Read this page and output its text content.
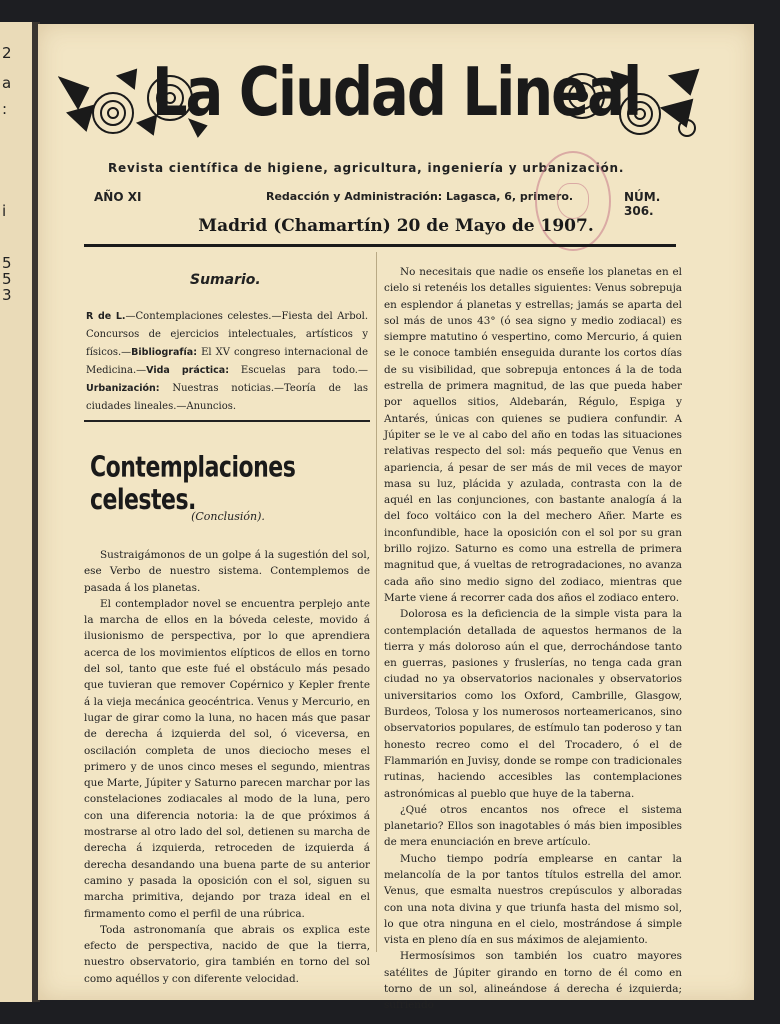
2
a
:
i
5
5
3
La Ciudad Lineal
Revista científica de higiene, agricultura, ingeniería y urbanización.
AÑO XI	Redacción y Administración: Lagasca, 6, primero.	NÚM. 306.
Madrid (Chamartín) 20 de Mayo de 1907.
Sumario.
R de L.—Contemplaciones celestes.—Fiesta del Arbol. Concursos de ejercicios intelectuales, artísticos y físicos.—Bibliografía: El XV congreso internacional de Medicina.—Vida práctica: Escuelas para todo.—Urbanización: Nuestras noticias.—Teoría de las ciudades lineales.—Anuncios.
Contemplaciones celestes.
(Conclusión).

Sustraigámonos de un golpe á la sugestión del sol, ese Verbo de nuestro sistema. Contemplemos de pasada á los planetas.

El contemplador novel se encuentra perplejo ante la marcha de ellos en la bóveda celeste, movido á ilusionismo de perspectiva, por lo que aprendiera acerca de los movimientos elípticos de ellos en torno del sol, tanto que este fué el obstáculo más pesado que tuvieran que remover Copérnico y Kepler frente á la vieja mecánica geocéntrica. Venus y Mercurio, en lugar de girar como la luna, no hacen más que pasar de derecha á izquierda del sol, ó viceversa, en oscilación completa de unos dieciocho meses el primero y de unos cinco meses el segundo, mientras que Marte, Júpiter y Saturno parecen marchar por las constelaciones zodiacales al modo de la luna, pero con una diferencia notoria: la de que próximos á mostrarse al otro lado del sol, detienen su marcha de derecha á izquierda, retroceden de izquierda á derecha desandando una buena parte de su anterior camino y pasada la oposición con el sol, siguen su marcha primitiva, dejando por traza ideal en el firmamento como el perfil de una rúbrica.

Toda astronomanía que abrais os explica este efecto de perspectiva, nacido de que la tierra, nuestro observatorio, gira también en torno del sol como aquéllos y con diferente velocidad.

No necesitais que nadie os enseñe los planetas en el cielo si retenéis los detalles siguientes: Venus sobrepuja en esplendor á planetas y estrellas; jamás se aparta del sol más de unos 43° (ó sea signo y medio zodiacal) es siempre matutino ó vespertino, como Mercurio, á quien se le conoce también enseguida durante los cortos días de su visibilidad, que sobrepuja entonces á la de toda estrella de primera magnitud, de las que pueda haber por aquellos sitios, Aldebarán, Régulo, Espiga y Antarés, únicas con quienes se pudiera confundir. A Júpiter se le ve al cabo del año en todas las situaciones relativas respecto del sol: más pequeño que Venus en apariencia, á pesar de ser más de mil veces de mayor masa su luz, plácida y azulada, contrasta con la de aquél en las conjunciones, con bastante analogía á la del foco voltáico con la del mechero Añer. Marte es inconfundible, hace la oposición con el sol por su gran brillo rojizo. Saturno es como una estrella de primera magnitud que, á vueltas de retrogradaciones, no avanza cada año sino medio signo del zodiaco, mientras que Marte viene á recorrer cada dos años el zodiaco entero.

Dolorosa es la deficiencia de la simple vista para la contemplación detallada de aquestos hermanos de la tierra y más doloroso aún el que, derrochándose tanto en guerras, pasiones y fruslerías, no tenga cada gran ciudad no ya observatorios nacionales y observatorios universitarios como los Oxford, Cambrille, Glasgow, Burdeos, Tolosa y los numerosos norteamericanos, sino observatorios populares, de estímulo tan poderoso y tan honesto recreo como el del Trocadero, ó el de Flammarión en Juvisy, donde se rompe con tradicionales rutinas, haciendo accesibles las contemplaciones astronómicas al pueblo que huye de la taberna.

¿Qué otros encantos nos ofrece el sistema planetario? Ellos son inagotables ó más bien imposibles de mera enunciación en breve artículo.

Mucho tiempo podría emplearse en cantar la melancolía de la por tantos títulos estrella del amor. Venus, que esmalta nuestros crepúsculos y alboradas con una nota divina y que triunfa hasta del mismo sol, lo que otra ninguna en el cielo, mostrándose á simple vista en pleno día en sus máximos de alejamiento.

Hermosísimos son también los cuatro mayores satélites de Júpiter girando en torno de él como en torno de un sol, alineándose á derecha é izquierda; sufriendo
